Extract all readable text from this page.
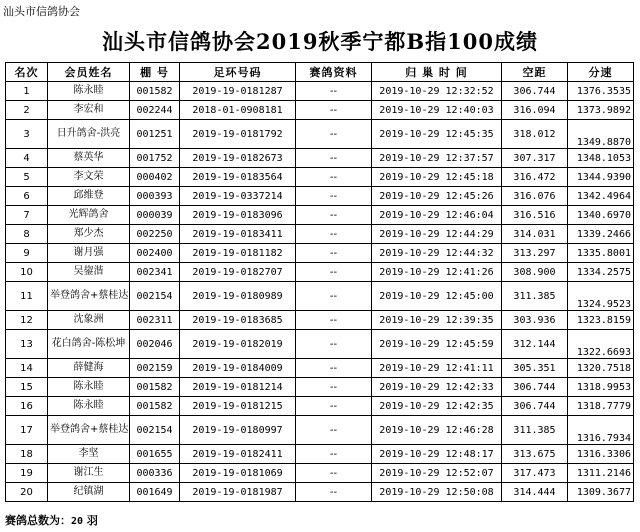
汕头市信鸽协会
汕头市信鸽协会2019秋季宁都B指100成绩
名次	会员姓名	棚 号	足环号码	赛鸽资料	归 巢 时 间	空距	分速
1	陈永睦	001582	2019-19-0181287	--	2019-10-29 12:32:52	306.744	1376.3535
2	李宏和	002244	2018-01-0908181	--	2019-10-29 12:40:03	316.094	1373.9892
3	日升鸽舍-洪亮	001251	2019-19-0181792	--	2019-10-29 12:45:35	318.012	1349.8870
4	蔡英华	001752	2019-19-0182673	--	2019-10-29 12:37:57	307.317	1348.1053
5	李文荣	000402	2019-19-0183564	--	2019-10-29 12:45:18	316.472	1344.9390
6	邱维登	000393	2019-19-0337214	--	2019-10-29 12:45:26	316.076	1342.4964
7	光辉鸽舍	000039	2019-19-0183096	--	2019-10-29 12:46:04	316.516	1340.6970
8	郑少杰	002250	2019-19-0183411	--	2019-10-29 12:44:29	314.031	1339.2466
9	谢月强	002400	2019-19-0181182	--	2019-10-29 12:44:32	313.297	1335.8001
10	吴鋆湝	002341	2019-19-0182707	--	2019-10-29 12:41:26	308.900	1334.2575
11	举登鸽舍+蔡桂达	002154	2019-19-0180989	--	2019-10-29 12:45:00	311.385	1324.9523
12	沈象洲	002311	2019-19-0183685	--	2019-10-29 12:39:35	303.936	1323.8159
13	花白鸽舍-陈松坤	002046	2019-19-0182019	--	2019-10-29 12:45:59	312.144	1322.6693
14	薛健海	002159	2019-19-0184009	--	2019-10-29 12:41:11	305.351	1320.7518
15	陈永睦	001582	2019-19-0181214	--	2019-10-29 12:42:33	306.744	1318.9953
16	陈永睦	001582	2019-19-0181215	--	2019-10-29 12:42:35	306.744	1318.7779
17	举登鸽舍+蔡桂达	002154	2019-19-0180997	--	2019-10-29 12:46:28	311.385	1316.7934
18	李坚	001655	2019-19-0182411	--	2019-10-29 12:48:17	313.675	1316.3306
19	谢江生	000336	2019-19-0181069	--	2019-10-29 12:52:07	317.473	1311.2146
20	纪镇湖	001649	2019-19-0181987	--	2019-10-29 12:50:08	314.444	1309.3677
赛鸽总数为：20 羽
